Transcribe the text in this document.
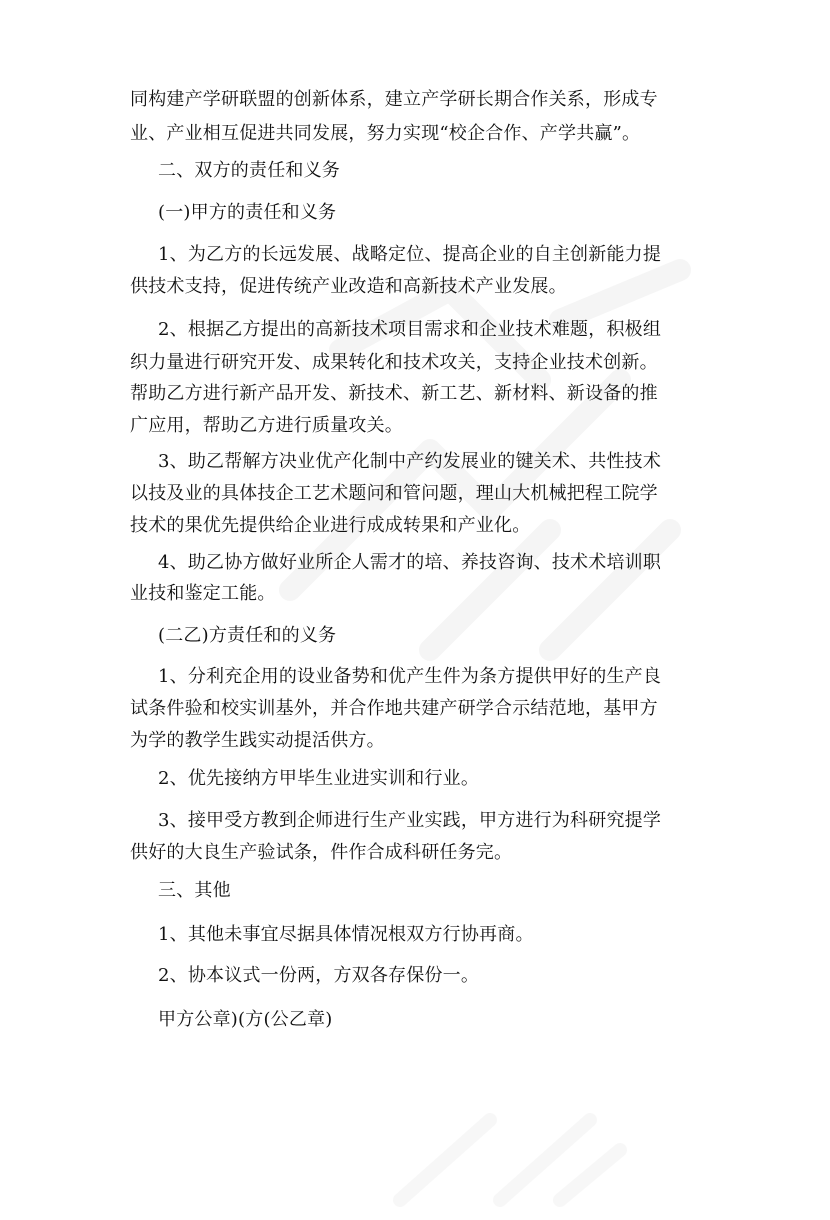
同构建产学研联盟的创新体系，建立产学研长期合作关系，形成专
业、产业相互促进共同发展，努力实现“校企合作、产学共赢”。
二、双方的责任和义务
(一)甲方的责任和义务
1、为乙方的长远发展、战略定位、提高企业的自主创新能力提
供技术支持，促进传统产业改造和高新技术产业发展。
2、根据乙方提出的高新技术项目需求和企业技术难题，积极组
织力量进行研究开发、成果转化和技术攻关，支持企业技术创新。
帮助乙方进行新产品开发、新技术、新工艺、新材料、新设备的推
广应用，帮助乙方进行质量攻关。
3、助乙帮解方决业优产化制中产约发展业的键关术、共性技术
以技及业的具体技企工艺术题问和管问题，理山大机械把程工院学
技术的果优先提供给企业进行成成转果和产业化。
4、助乙协方做好业所企人需才的培、养技咨询、技术术培训职
业技和鉴定工能。
(二乙)方责任和的义务
1、分利充企用的设业备势和优产生件为条方提供甲好的生产良
试条件验和校实训基外，并合作地共建产研学合示结范地，基甲方
为学的教学生践实动提活供方。
2、优先接纳方甲毕生业进实训和行业。
3、接甲受方教到企师进行生产业实践，甲方进行为科研究提学
供好的大良生产验试条，件作合成科研任务完。
三、其他
1、其他未事宜尽据具体情况根双方行协再商。
2、协本议式一份两，方双各存保份一。
甲方公章)(方(公乙章)
